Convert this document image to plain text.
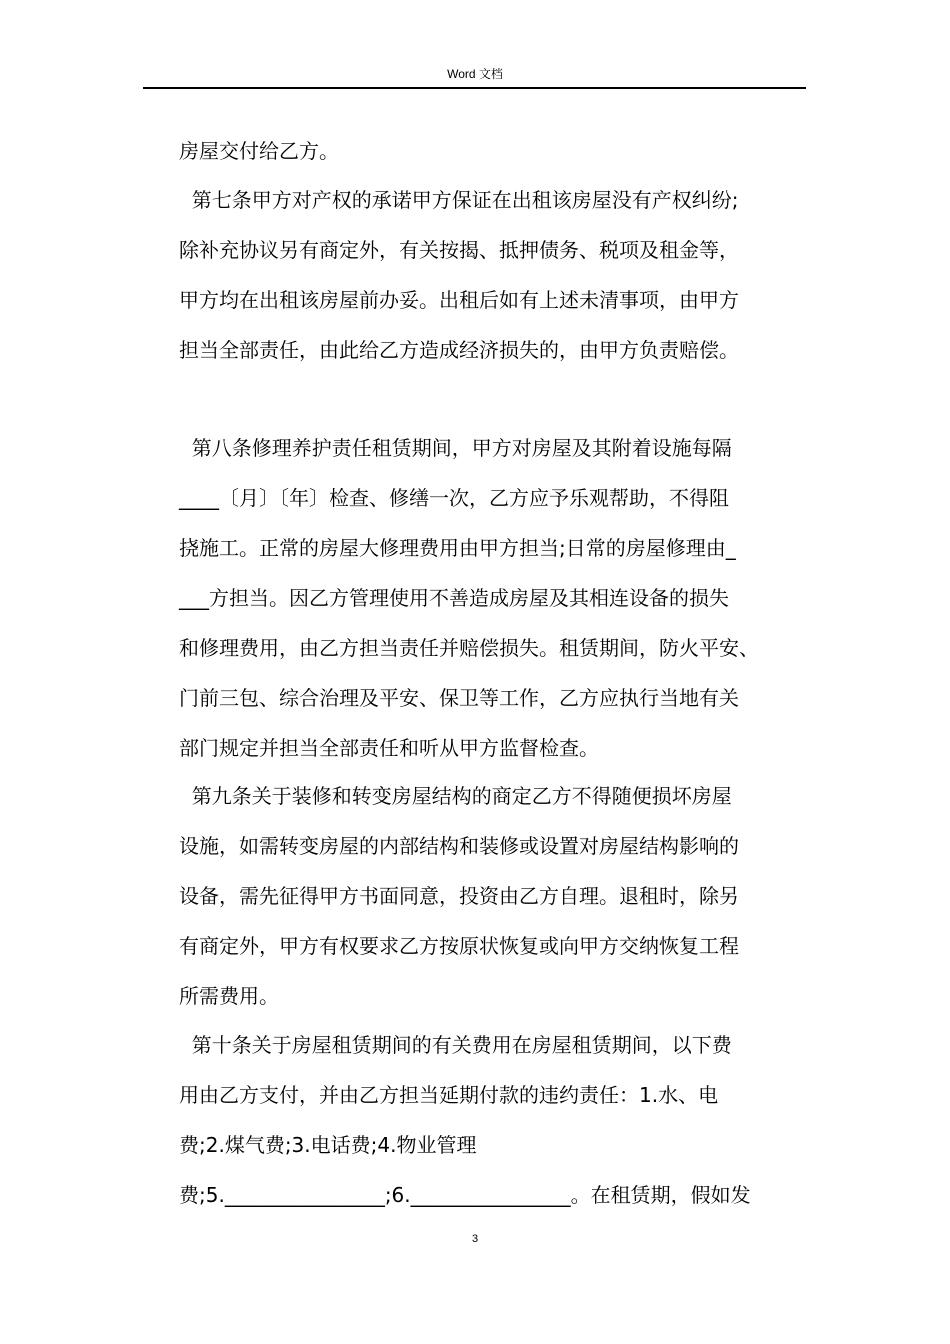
Word 文档
房屋交付给乙方。
第七条甲方对产权的承诺甲方保证在出租该房屋没有产权纠纷;
除补充协议另有商定外，有关按揭、抵押债务、税项及租金等，
甲方均在出租该房屋前办妥。出租后如有上述未清事项，由甲方
担当全部责任，由此给乙方造成经济损失的，由甲方负责赔偿。
第八条修理养护责任租赁期间，甲方对房屋及其附着设施每隔
____〔月〕〔年〕检查、修缮一次，乙方应予乐观帮助，不得阻
挠施工。正常的房屋大修理费用由甲方担当;日常的房屋修理由_
___方担当。因乙方管理使用不善造成房屋及其相连设备的损失
和修理费用，由乙方担当责任并赔偿损失。租赁期间，防火平安、
门前三包、综合治理及平安、保卫等工作，乙方应执行当地有关
部门规定并担当全部责任和听从甲方监督检查。
第九条关于装修和转变房屋结构的商定乙方不得随便损坏房屋
设施，如需转变房屋的内部结构和装修或设置对房屋结构影响的
设备，需先征得甲方书面同意，投资由乙方自理。退租时，除另
有商定外，甲方有权要求乙方按原状恢复或向甲方交纳恢复工程
所需费用。
第十条关于房屋租赁期间的有关费用在房屋租赁期间，以下费
用由乙方支付，并由乙方担当延期付款的违约责任：1.水、电
费;2.煤气费;3.电话费;4.物业管理
费;5.________________;6.________________。在租赁期，假如发
3
